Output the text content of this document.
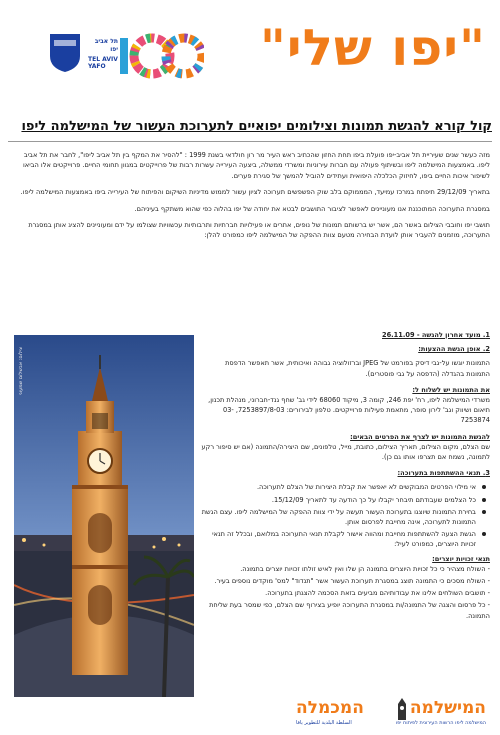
תל אביב יפו
TEL AVIV YAFO	"יפו שלי"
קול קורא להגשת תמונות וצילומים יפואיים לתערוכת העשור של המישלמה ליפו

מזה כעשר שנים שעיריית תל אביב-יפו פועלת ביפו תחת החזון שהכתיב ראש העיר מר רון חולדאי בשנת 1999 : "להסיר את המקף בין תל אביב ליפו", לחבר את תל אביב ליפו. באמצעות המישלמה ליפו ובשיתוף פעולה עם חברות עירוניות ומשרדי ממשלה, ביצעה העירייה עשרות רבות של פרוייקטים במגוון תחומי החיים. פרוייקטים אלו הביאו לשיפור איכות החיים ביפו, לחיזוק הכלכלה היפואית ועתידים להוביל להמשך של סגירת פערים.

בתאריך 29/12/09 תיפתח במרכז עמיעד, המממוקם בלב שוק הפשפשים תערוכה לציון עשור לממוש מדיניות השיקום והפיתוח של העירייה ביפו באמצעות המישלמה ליפו.

במסגרת התערוכה המתוכננת אנו מעוניינים לאפשר לציבור התושבים לבטא את יחודה של יפו בהלוה כפי שהוא משתקף בעיניהם.

תושבי יפו וחובבי הצילום באשר הם, אשר יש ברשותם תמונות של נופים, אתרים או פעילויות חברתיות ותרבותיות עכשוויות שצולמו על ידם ומעוניינים להציג אותן במסגרת התערוכה, מוזמנים להעביר אותן לועדת הבחירה מטעם צוות ההפקה של המישלמה ליפו כמפורט להלן:

צילום: אבשלום שמעוני

1. מועד אחרון להגשה - 26.11.09

2. אופן הגשת ההצעות:

התמונות יוגשו על-גבי דיסק בפורמט של JPEG וברזולוציה גבוהה ואיכותית, אשר תאפשר הדפסת התמונות בהגדלה (הדפסה על גבי פוסטרים).

את התמונות יש לשלוח ל:

משרדי המישלמה ליפו, רח' יפת 246, קומה 3, מיקוד 68060 לידי גב' שחף גנד-חברוני, מנהלת תכנון, תיאום ושיווק וגב' לירון סופר, מתאמת פעילות פרוייקטים. טלפון לבירורים: 7253897/8-03, 03-7253874

להגשת התמונות יש לצרף את הפרטים הבאים:

שם הצלם, מקום הצילום, תאריך הצילום, כתובת, מייל, טלפונים, שם היצירה/התמונה (אם יש סיפור רקע לתמונה, נשמח אם תצרפו אותו גם כן).

3. תנאי ההשתתפות בתערוכה:

אי מילוי הפרטים המבוקשים לא יאפשר את קבלת היצירות של הצלם לתערוכה.
כל הצלמים שעבודתם תיבחר יקבלו על כך הודעה עד לתאריך 15/12/09.
בחירת התמונות שיוצגו בתערוכת העשור תעשה על ידי צוות ההפקה של המישלמה ליפו. עצם הגשת התמונות לתערוכה, אינה מחייבת לפרסום אותן.
הגשת הצעה להשתתפות מחייבת ומהווה אישור לקבלת תנאי התערוכה במלואם, ובכלל זה תנאי זכויות היוצרים, כמפורט לעיל:

תנאי זכויות יוצרים:

- השולח מצהיר כי כל זכויות היוצרים בתמונה הן שלו ואין לאיש זולתו זכויות יוצרים בתמונה.

- השולח מסכים כי התמונה תוצג במסגרת תערוכת העשור אשר "תנדוד" למס' מוקדים נוספים בעיר.

- תושבים השולחים אלינו את עבודותיהם מביעים בזאת הסכמה להצגתן בתערוכה.

- כל פרסום והצגה של התמונה/ות במסגרת התערוכה יופיע בצירוף שם הצלם, כפי שמסר בעת שליחת התמונה.

המכמלה
السلطة البلدية للتطوير يافا
המישלמה
המישלמה ליפו הרשות העירונית לפיתוח יפו
